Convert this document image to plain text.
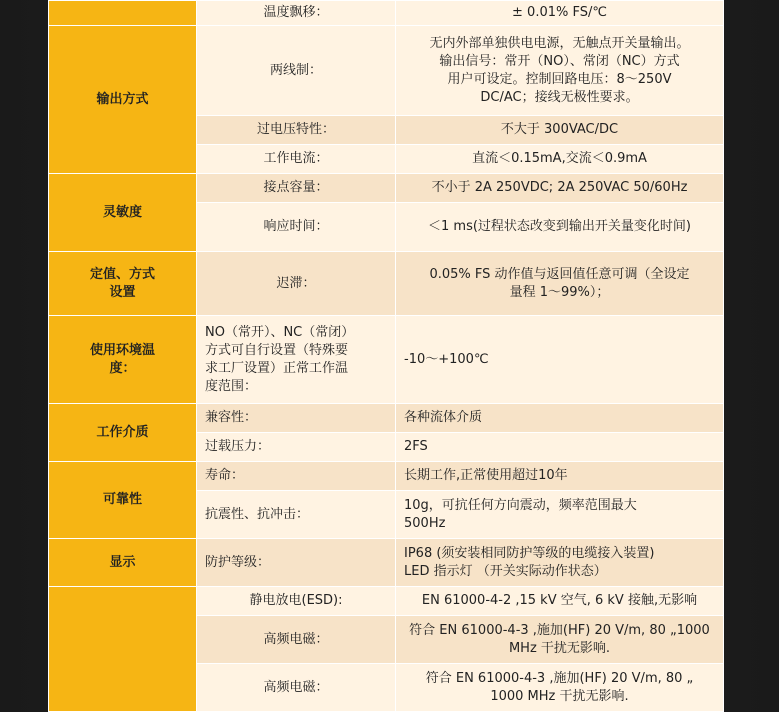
	温度飘移：	± 0.01% FS/℃
输出方式	两线制：	无内外部单独供电电源，无触点开关量输出。
输出信号：常开（NO）、常闭（NC）方式
用户可设定。控制回路电压：8～250V
DC/AC；接线无极性要求。

	过电压特性：	不大于 300VAC/DC
	工作电流：	直流＜0.15mA,交流＜0.9mA
灵敏度	接点容量：	不小于 2A 250VDC; 2A 250VAC 50/60Hz
	响应时间：	＜1 ms(过程状态改变到输出开关量变化时间)

定值、方式
设置	迟滞：	0.05% FS 动作值与返回值任意可调（全设定
量程 1～99%）；

使用环境温
度：	NO（常开）、NC（常闭）
方式可自行设置（特殊要
求工厂设置）正常工作温
度范围：	-10～+100℃
工作介质	兼容性：	各种流体介质
	过载压力：	2FS
可靠性	寿命：	长期工作,正常使用超过10年
	抗震性、抗冲击：	10g，可抗任何方向震动，频率范围最大
500Hz

显示	防护等级：	IP68 (须安装相同防护等级的电缆接入装置)
LED 指示灯 （开关实际动作状态）

	静电放电(ESD):	EN 61000-4-2 ,15 kV 空气, 6 kV 接触,无影响
	高频电磁：	符合 EN 61000-4-3 ,施加(HF) 20 V/m, 80 „1000
MHz 干扰无影响.

	高频电磁：	符合 EN 61000-4-3 ,施加(HF) 20 V/m, 80 „
1000 MHz 干扰无影响.
